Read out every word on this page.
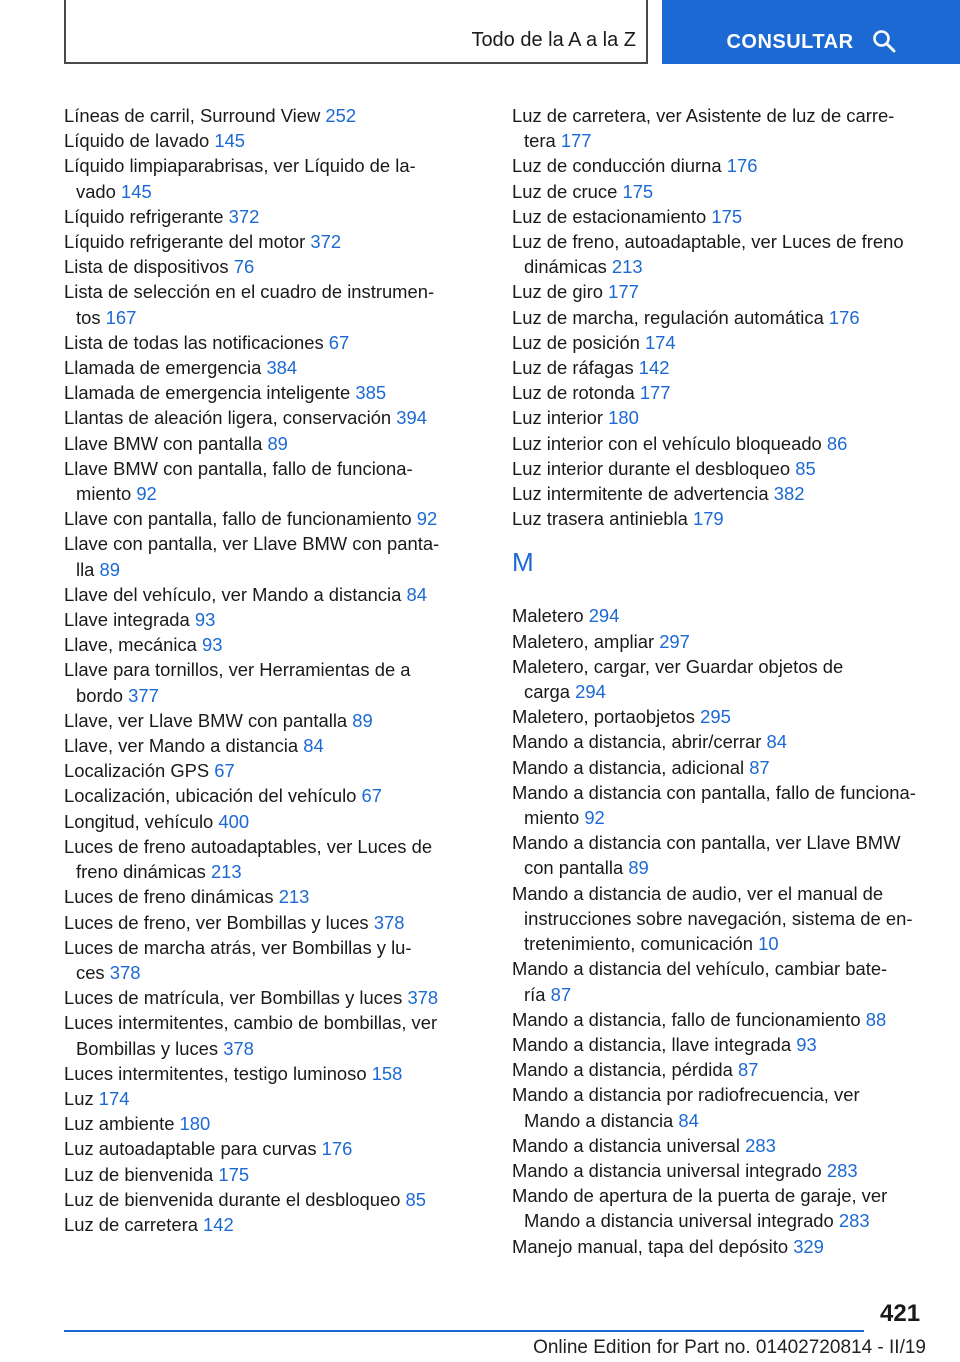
Todo de la A a la Z	CONSULTAR
Líneas de carril, Surround View 252
Líquido de lavado 145
Líquido limpiaparabrisas, ver Líquido de la-
vado 145
Líquido refrigerante 372
Líquido refrigerante del motor 372
Lista de dispositivos 76
Lista de selección en el cuadro de instrumen-
tos 167
Lista de todas las notificaciones 67
Llamada de emergencia 384
Llamada de emergencia inteligente 385
Llantas de aleación ligera, conservación 394
Llave BMW con pantalla 89
Llave BMW con pantalla, fallo de funciona-
miento 92
Llave con pantalla, fallo de funcionamiento 92
Llave con pantalla, ver Llave BMW con panta-
lla 89
Llave del vehículo, ver Mando a distancia 84
Llave integrada 93
Llave, mecánica 93
Llave para tornillos, ver Herramientas de a
bordo 377
Llave, ver Llave BMW con pantalla 89
Llave, ver Mando a distancia 84
Localización GPS 67
Localización, ubicación del vehículo 67
Longitud, vehículo 400
Luces de freno autoadaptables, ver Luces de
freno dinámicas 213
Luces de freno dinámicas 213
Luces de freno, ver Bombillas y luces 378
Luces de marcha atrás, ver Bombillas y lu-
ces 378
Luces de matrícula, ver Bombillas y luces 378
Luces intermitentes, cambio de bombillas, ver
Bombillas y luces 378
Luces intermitentes, testigo luminoso 158
Luz 174
Luz ambiente 180
Luz autoadaptable para curvas 176
Luz de bienvenida 175
Luz de bienvenida durante el desbloqueo 85
Luz de carretera 142
Luz de carretera, ver Asistente de luz de carre-
tera 177
Luz de conducción diurna 176
Luz de cruce 175
Luz de estacionamiento 175
Luz de freno, autoadaptable, ver Luces de freno
dinámicas 213
Luz de giro 177
Luz de marcha, regulación automática 176
Luz de posición 174
Luz de ráfagas 142
Luz de rotonda 177
Luz interior 180
Luz interior con el vehículo bloqueado 86
Luz interior durante el desbloqueo 85
Luz intermitente de advertencia 382
Luz trasera antiniebla 179
M
Maletero 294
Maletero, ampliar 297
Maletero, cargar, ver Guardar objetos de
carga 294
Maletero, portaobjetos 295
Mando a distancia, abrir/cerrar 84
Mando a distancia, adicional 87
Mando a distancia con pantalla, fallo de funciona-
miento 92
Mando a distancia con pantalla, ver Llave BMW
con pantalla 89
Mando a distancia de audio, ver el manual de
instrucciones sobre navegación, sistema de en-
tretenimiento, comunicación 10
Mando a distancia del vehículo, cambiar bate-
ría 87
Mando a distancia, fallo de funcionamiento 88
Mando a distancia, llave integrada 93
Mando a distancia, pérdida 87
Mando a distancia por radiofrecuencia, ver
Mando a distancia 84
Mando a distancia universal 283
Mando a distancia universal integrado 283
Mando de apertura de la puerta de garaje, ver
Mando a distancia universal integrado 283
Manejo manual, tapa del depósito 329
421
Online Edition for Part no. 01402720814 - II/19
